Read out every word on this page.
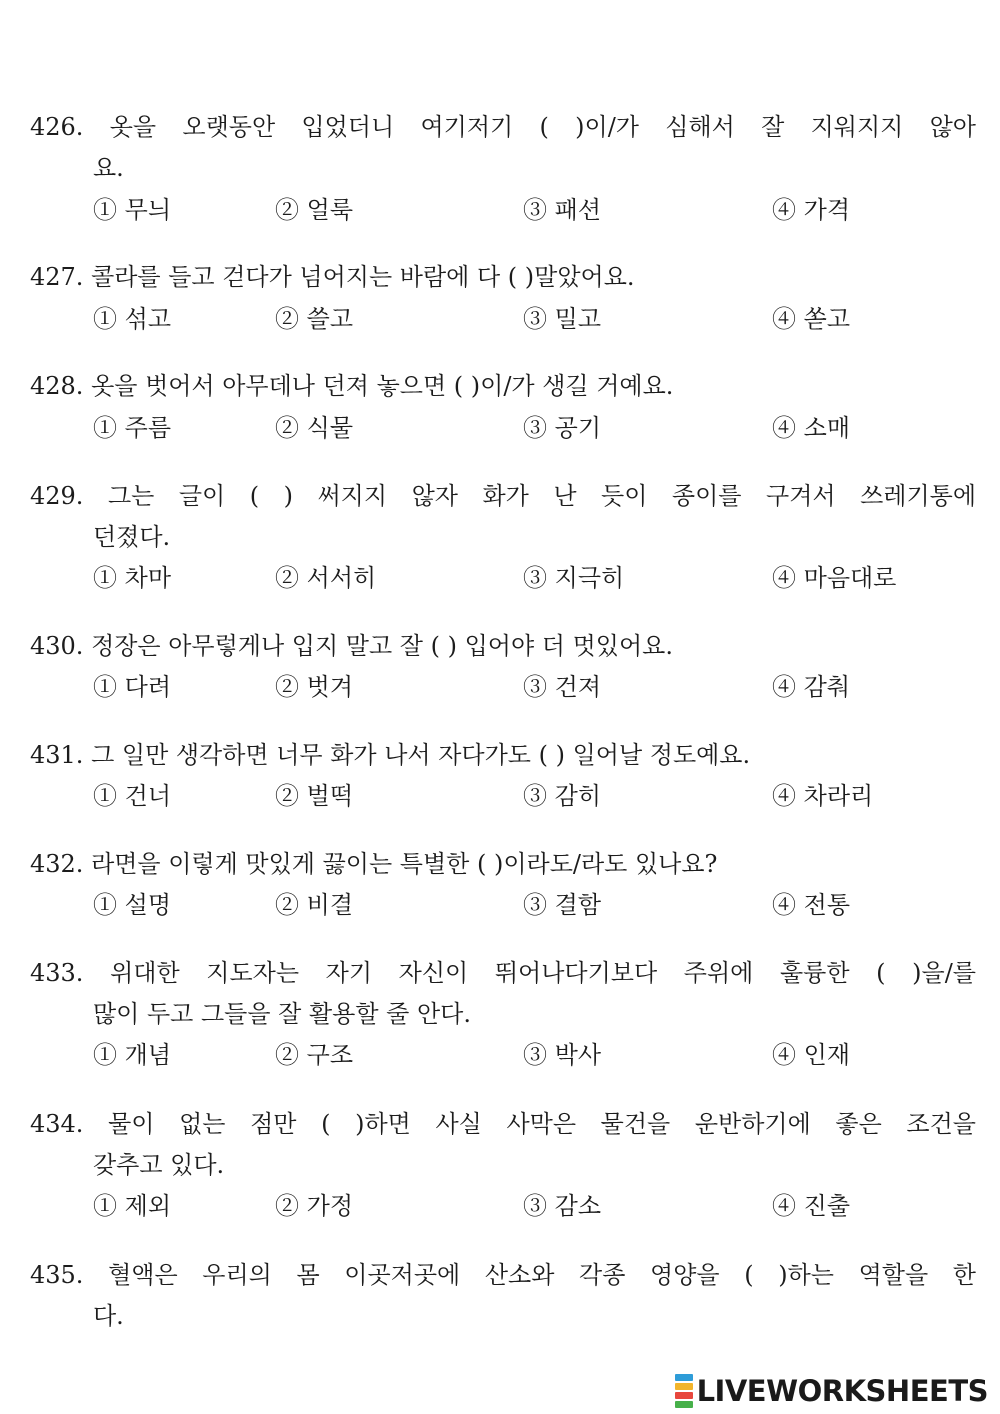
426. 옷을 오랫동안 입었더니 여기저기 ( )이/가 심해서 잘 지워지지 않아
요.
① 무늬	② 얼룩	③ 패션	④ 가격
427. 콜라를 들고 걷다가 넘어지는 바람에 다 ( )말았어요.
① 섞고	② 쓸고	③ 밀고	④ 쏟고
428. 옷을 벗어서 아무데나 던져 놓으면 ( )이/가 생길 거예요.
① 주름	② 식물	③ 공기	④ 소매
429. 그는 글이 ( ) 써지지 않자 화가 난 듯이 종이를 구겨서 쓰레기통에
던졌다.
① 차마	② 서서히	③ 지극히	④ 마음대로
430. 정장은 아무렇게나 입지 말고 잘 ( ) 입어야 더 멋있어요.
① 다려	② 벗겨	③ 건져	④ 감춰
431. 그 일만 생각하면 너무 화가 나서 자다가도 ( ) 일어날 정도예요.
① 건너	② 벌떡	③ 감히	④ 차라리
432. 라면을 이렇게 맛있게 끓이는 특별한 ( )이라도/라도 있나요?
① 설명	② 비결	③ 결함	④ 전통
433. 위대한 지도자는 자기 자신이 뛰어나다기보다 주위에 훌륭한 ( )을/를
많이 두고 그들을 잘 활용할 줄 안다.
① 개념	② 구조	③ 박사	④ 인재
434. 물이 없는 점만 ( )하면 사실 사막은 물건을 운반하기에 좋은 조건을
갖추고 있다.
① 제외	② 가정	③ 감소	④ 진출
435. 혈액은 우리의 몸 이곳저곳에 산소와 각종 영양을 ( )하는 역할을 한
다.
LIVEWORKSHEETS
